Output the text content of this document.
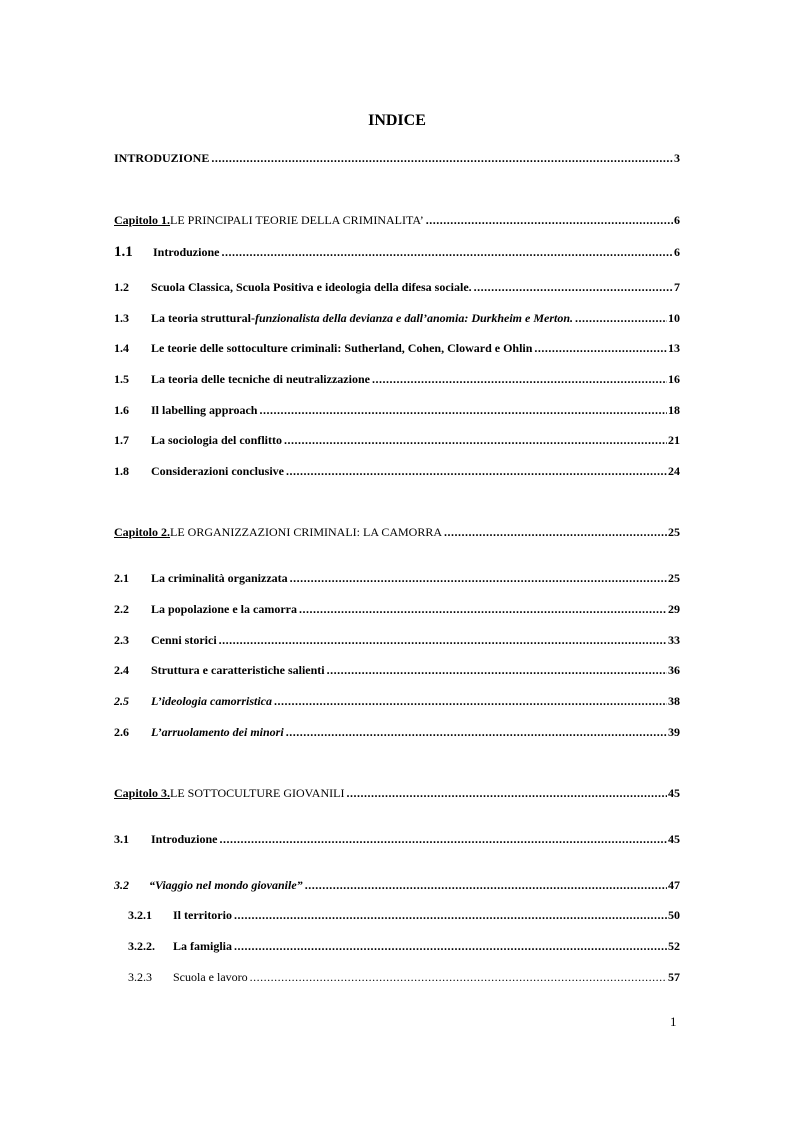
INDICE
INTRODUZIONE .....	3
Capitolo 1. LE PRINCIPALI TEORIE DELLA CRIMINALITA’ .....	6
1.1	Introduzione .....	6
1.2	Scuola Classica, Scuola Positiva e ideologia della difesa sociale. .....	7
1.3	La teoria struttural- funzionalista della devianza e dall’anomia: Durkheim e Merton. .....	10
1.4	Le teorie delle sottoculture criminali: Sutherland, Cohen, Cloward e Ohlin .....	13
1.5	La teoria delle tecniche di neutralizzazione .....	16
1.6	Il labelling approach .....	18
1.7	La sociologia del conflitto .....	21
1.8	Considerazioni conclusive .....	24
Capitolo 2. LE ORGANIZZAZIONI CRIMINALI: LA CAMORRA .....	25
2.1	La criminalità organizzata .....	25
2.2	La popolazione e la camorra .....	29
2.3	Cenni storici .....	33
2.4	Struttura e caratteristiche salienti .....	36
2.5	L’ideologia camorristica .....	38
2.6	L’arruolamento dei minori .....	39
Capitolo 3. LE SOTTOCULTURE GIOVANILI .....	45
3.1	Introduzione .....	45
3.2	“Viaggio nel mondo giovanile” .....	47
3.2.1	Il territorio .....	50
3.2.2.	La famiglia .....	52
3.2.3	Scuola e lavoro .....	57
1
